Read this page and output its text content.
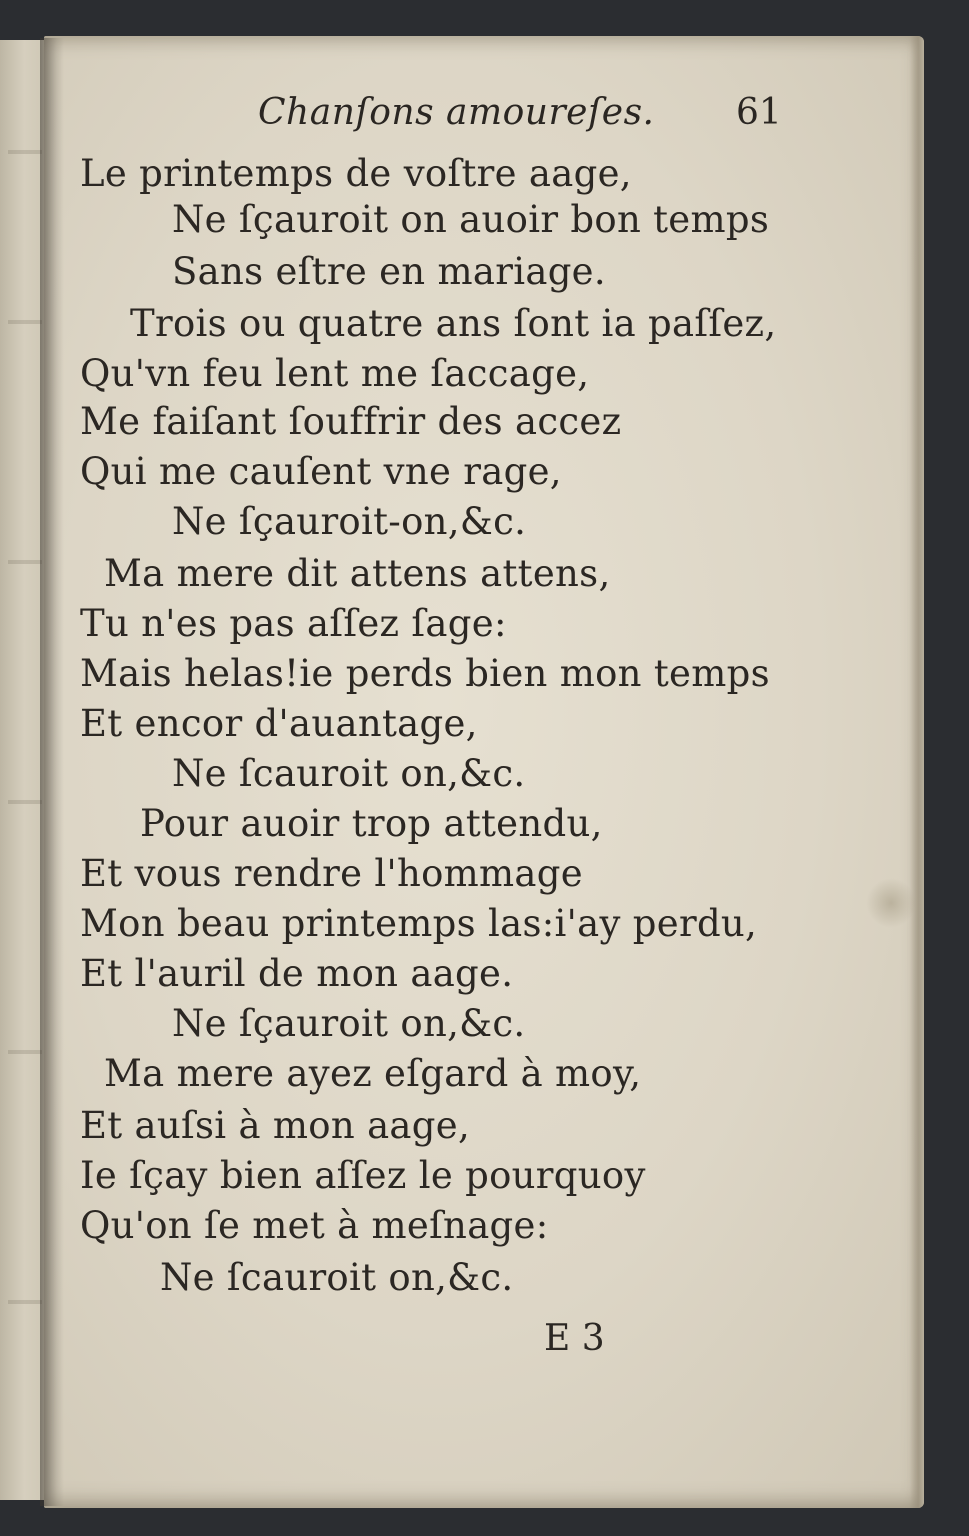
Chanſons amoureſes. 61
Le printemps de voſtre aage,
Ne ſçauroit on auoir bon temps
Sans eſtre en mariage.
Trois ou quatre ans ſont ia paſſez,
Qu'vn feu lent me ſaccage,
Me faiſant ſouffrir des accez
Qui me cauſent vne rage,
Ne ſçauroit-on,&c.
Ma mere dit attens attens,
Tu n'es pas aſſez ſage:
Mais helas!ie perds bien mon temps
Et encor d'auantage,
Ne ſcauroit on,&c.
Pour auoir trop attendu,
Et vous rendre l'hommage
Mon beau printemps las:i'ay perdu,
Et l'auril de mon aage.
Ne ſçauroit on,&c.
Ma mere ayez eſgard à moy,
Et auſsi à mon aage,
Ie ſçay bien aſſez le pourquoy
Qu'on ſe met à meſnage:
Ne ſcauroit on,&c.
E 3
